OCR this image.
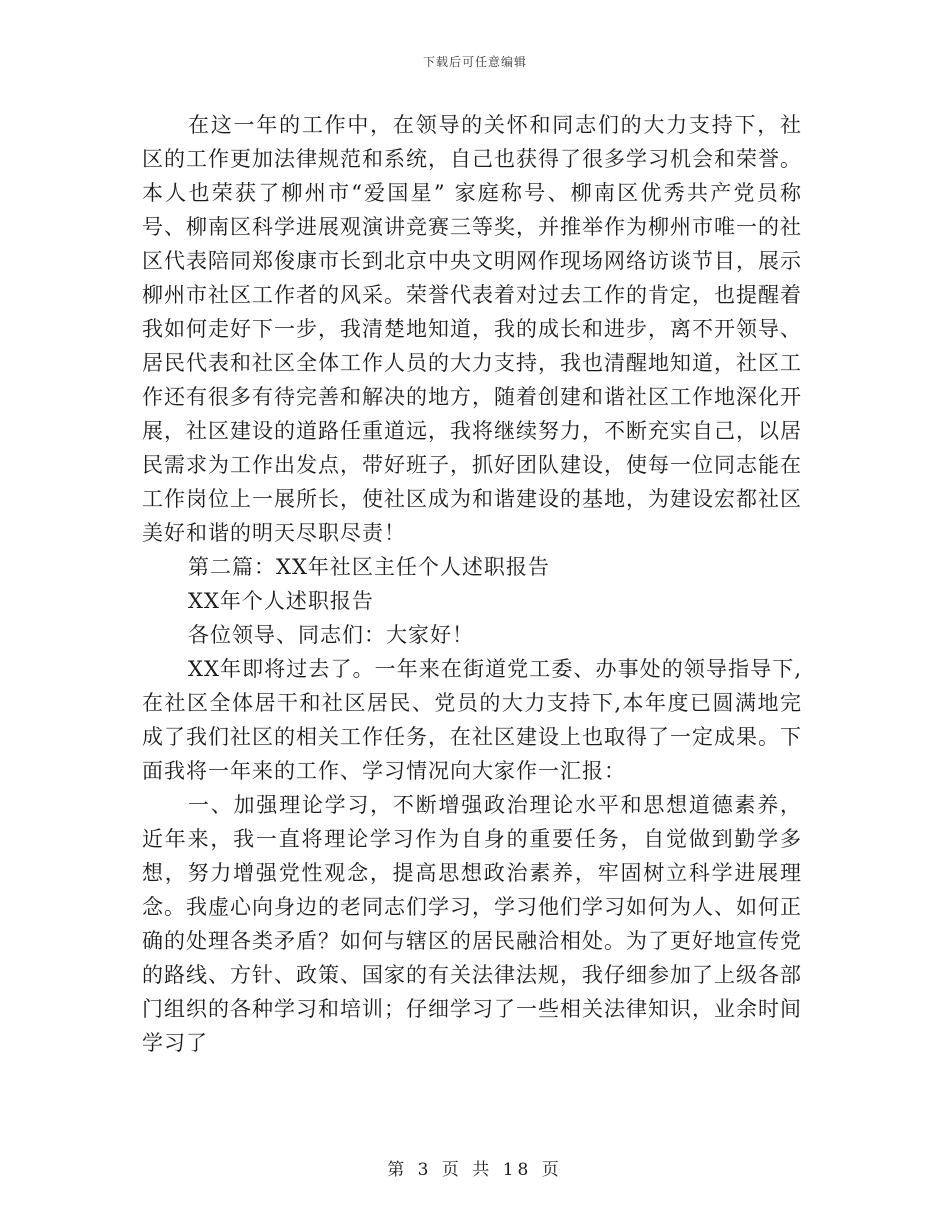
下载后可任意编辑

在这一年的工作中，在领导的关怀和同志们的大力支持下，社区的工作更加法律规范和系统，自己也获得了很多学习机会和荣誉。本人也荣获了柳州市“爱国星” 家庭称号、柳南区优秀共产党员称号、柳南区科学进展观演讲竞赛三等奖，并推举作为柳州市唯一的社区代表陪同郑俊康市长到北京中央文明网作现场网络访谈节目，展示柳州市社区工作者的风采。荣誉代表着对过去工作的肯定，也提醒着我如何走好下一步，我清楚地知道，我的成长和进步，离不开领导、居民代表和社区全体工作人员的大力支持，我也清醒地知道，社区工作还有很多有待完善和解决的地方，随着创建和谐社区工作地深化开展，社区建设的道路任重道远，我将继续努力，不断充实自己，以居民需求为工作出发点，带好班子，抓好团队建设，使每一位同志能在工作岗位上一展所长，使社区成为和谐建设的基地，为建设宏都社区美好和谐的明天尽职尽责！

第二篇：XX年社区主任个人述职报告

XX年个人述职报告

各位领导、同志们：大家好！

XX年即将过去了。一年来在街道党工委、办事处的领导指导下,在社区全体居干和社区居民、党员的大力支持下,本年度已圆满地完成了我们社区的相关工作任务，在社区建设上也取得了一定成果。下面我将一年来的工作、学习情况向大家作一汇报：

一、加强理论学习，不断增强政治理论水平和思想道德素养，近年来，我一直将理论学习作为自身的重要任务，自觉做到勤学多想，努力增强党性观念，提高思想政治素养，牢固树立科学进展理念。我虚心向身边的老同志们学习，学习他们学习如何为人、如何正确的处理各类矛盾？如何与辖区的居民融洽相处。为了更好地宣传党的路线、方针、政策、国家的有关法律法规，我仔细参加了上级各部门组织的各种学习和培训；仔细学习了一些相关法律知识，业余时间学习了

第 3 页 共 18 页
